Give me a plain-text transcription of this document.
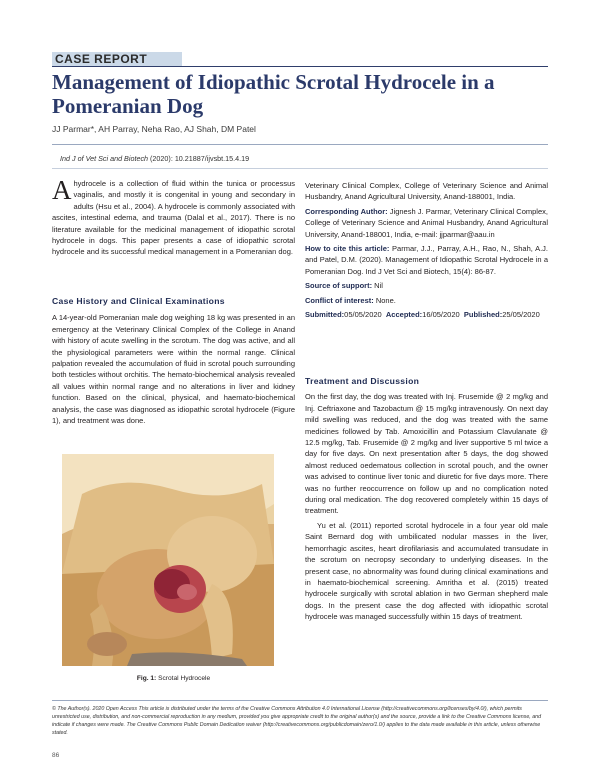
CASE REPORT
Management of Idiopathic Scrotal Hydrocele in a Pomeranian Dog
JJ Parmar*, AH Parray, Neha Rao, AJ Shah, DM Patel
Ind J of Vet Sci and Biotech (2020): 10.21887/ijvsbt.15.4.19
A hydrocele is a collection of fluid within the tunica or processus vaginalis, and mostly it is congenital in young and secondary in adults (Hsu et al., 2004). A hydrocele is commonly associated with ascites, intestinal edema, and trauma (Dalal et al., 2017). There is no literature available for the medicinal management of idiopathic scrotal hydrocele in dogs. This paper presents a case of idiopathic scrotal hydrocele and its successful medical management in a Pomeranian dog.
Case History and Clinical Examinations
A 14-year-old Pomeranian male dog weighing 18 kg was presented in an emergency at the Veterinary Clinical Complex of the College in Anand with history of acute swelling in the scrotum. The dog was active, and all the physiological parameters were within the normal range. Clinical palpation revealed the accumulation of fluid in scrotal pouch surrounding both testicles without orchitis. The hemato-biochemical analysis revealed all values within normal range and no alterations in liver and kidney function. Based on the clinical, physical, and haemato-biochemical analysis, the case was diagnosed as idiopathic scrotal hydrocele (Figure 1), and treatment was done.
Fig. 1: Scrotal Hydrocele

Veterinary Clinical Complex, College of Veterinary Science and Animal Husbandry, Anand Agricultural University, Anand-188001, India.

Corresponding Author: Jignesh J. Parmar, Veterinary Clinical Complex, College of Veterinary Science and Animal Husbandry, Anand Agricultural University, Anand-188001, India, e-mail: jjparmar@aau.in

How to cite this article: Parmar, J.J., Parray, A.H., Rao, N., Shah, A.J. and Patel, D.M. (2020). Management of Idiopathic Scrotal Hydrocele in a Pomeranian Dog. Ind J Vet Sci and Biotech, 15(4): 86-87.

Source of support: Nil

Conflict of interest: None.

Submitted:05/05/2020 Accepted:16/05/2020 Published:25/05/2020

Treatment and Discussion
On the first day, the dog was treated with Inj. Frusemide @ 2 mg/kg and Inj. Ceftriaxone and Tazobactum @ 15 mg/kg intravenously. On next day mild swelling was reduced, and the dog was treated with the same medicines followed by Tab. Amoxicillin and Potassium Clavulanate @ 12.5 mg/kg, Tab. Frusemide @ 2 mg/kg and liver supportive 5 ml twice a day for five days. On next presentation after 5 days, the dog showed almost reduced oedematous collection in scrotal pouch, and the owner was advised to continue liver tonic and diuretic for five days more. There was no further reoccurrence on follow up and no complication noted during oral medication. The dog recovered completely within 15 days of treatment.
Yu et al. (2011) reported scrotal hydrocele in a four year old male Saint Bernard dog with umbilicated nodular masses in the liver, hemorrhagic ascites, heart dirofilariasis and accumulated transudate in the scrotum on necropsy secondary to underlying diseases. In the present case, no abnormality was found during clinical examinations and in haemato-biochemical screening. Amritha et al. (2015) treated hydrocele surgically with scrotal ablation in two German shepherd male dogs. In the present case the dog affected with idiopathic scrotal hydrocele was managed successfully within 15 days of treatment.
© The Author(s). 2020 Open Access This article is distributed under the terms of the Creative Commons Attribution 4.0 International License (http://creativecommons.org/licenses/by/4.0/), which permits unrestricted use, distribution, and non-commercial reproduction in any medium, provided you give appropriate credit to the original author(s) and the source, provide a link to the Creative Commons license, and indicate if changes were made. The Creative Commons Public Domain Dedication waiver (http://creativecommons.org/publicdomain/zero/1.0/) applies to the data made available in this article, unless otherwise stated.
86
